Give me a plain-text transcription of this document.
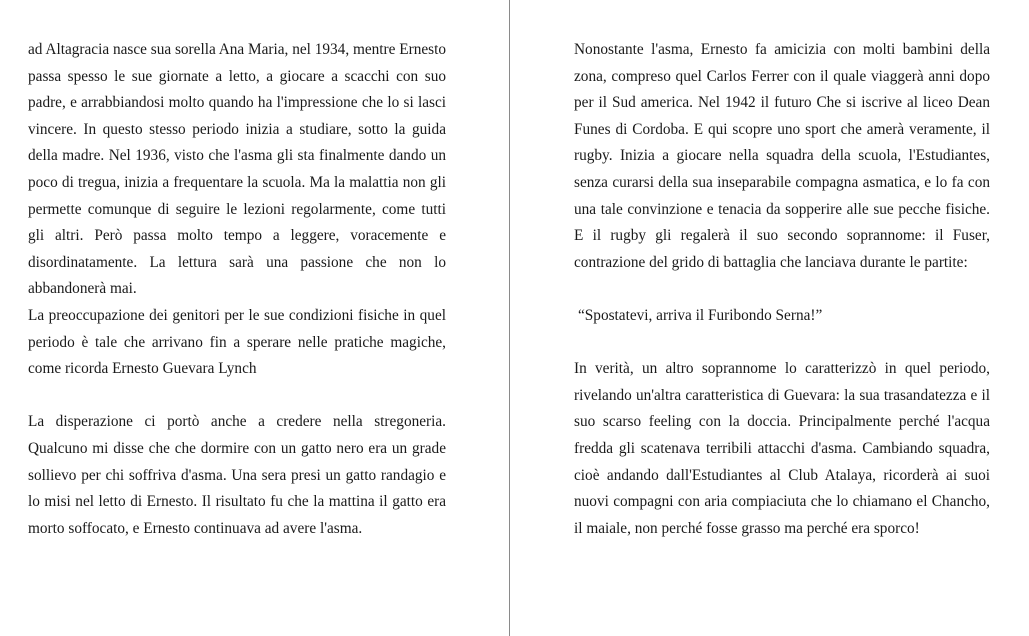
ad Altagracia nasce sua sorella Ana Maria, nel 1934, mentre Ernesto passa spesso le sue giornate a letto, a giocare a scacchi con suo padre, e arrabbiandosi molto quando ha l'impressione che lo si lasci vincere. In questo stesso periodo inizia a studiare, sotto la guida della madre. Nel 1936, visto che l'asma gli sta finalmente dando un poco di tregua, inizia a frequentare la scuola. Ma la malattia non gli permette comunque di seguire le lezioni regolarmente, come tutti gli altri. Però passa molto tempo a leggere, voracemente e disordinatamente. La lettura sarà una passione che non lo abbandonerà mai.

La preoccupazione dei genitori per le sue condizioni fisiche in quel periodo è tale che arrivano fin a sperare nelle pratiche magiche, come ricorda Ernesto Guevara Lynch

La disperazione ci portò anche a credere nella stregoneria. Qualcuno mi disse che che dormire con un gatto nero era un grade sollievo per chi soffriva d'asma. Una sera presi un gatto randagio e lo misi nel letto di Ernesto. Il risultato fu che la mattina il gatto era morto soffocato, e Ernesto continuava ad avere l'asma.

Nonostante l'asma, Ernesto fa amicizia con molti bambini della zona, compreso quel Carlos Ferrer con il quale viaggerà anni dopo per il Sud america. Nel 1942 il futuro Che si iscrive al liceo Dean Funes di Cordoba. E qui scopre uno sport che amerà veramente, il rugby. Inizia a giocare nella squadra della scuola, l'Estudiantes, senza curarsi della sua inseparabile compagna asmatica, e lo fa con una tale convinzione e tenacia da sopperire alle sue pecche fisiche. E il rugby gli regalerà il suo secondo soprannome: il Fuser, contrazione del grido di battaglia che lanciava durante le partite:

“Spostatevi, arriva il Furibondo Serna!”

In verità, un altro soprannome lo caratterizzò in quel periodo, rivelando un'altra caratteristica di Guevara: la sua trasandatezza e il suo scarso feeling con la doccia. Principalmente perché l'acqua fredda gli scatenava terribili attacchi d'asma. Cambiando squadra, cioè andando dall'Estudiantes al Club Atalaya, ricorderà ai suoi nuovi compagni con aria compiaciuta che lo chiamano el Chancho, il maiale, non perché fosse grasso ma perché era sporco!
